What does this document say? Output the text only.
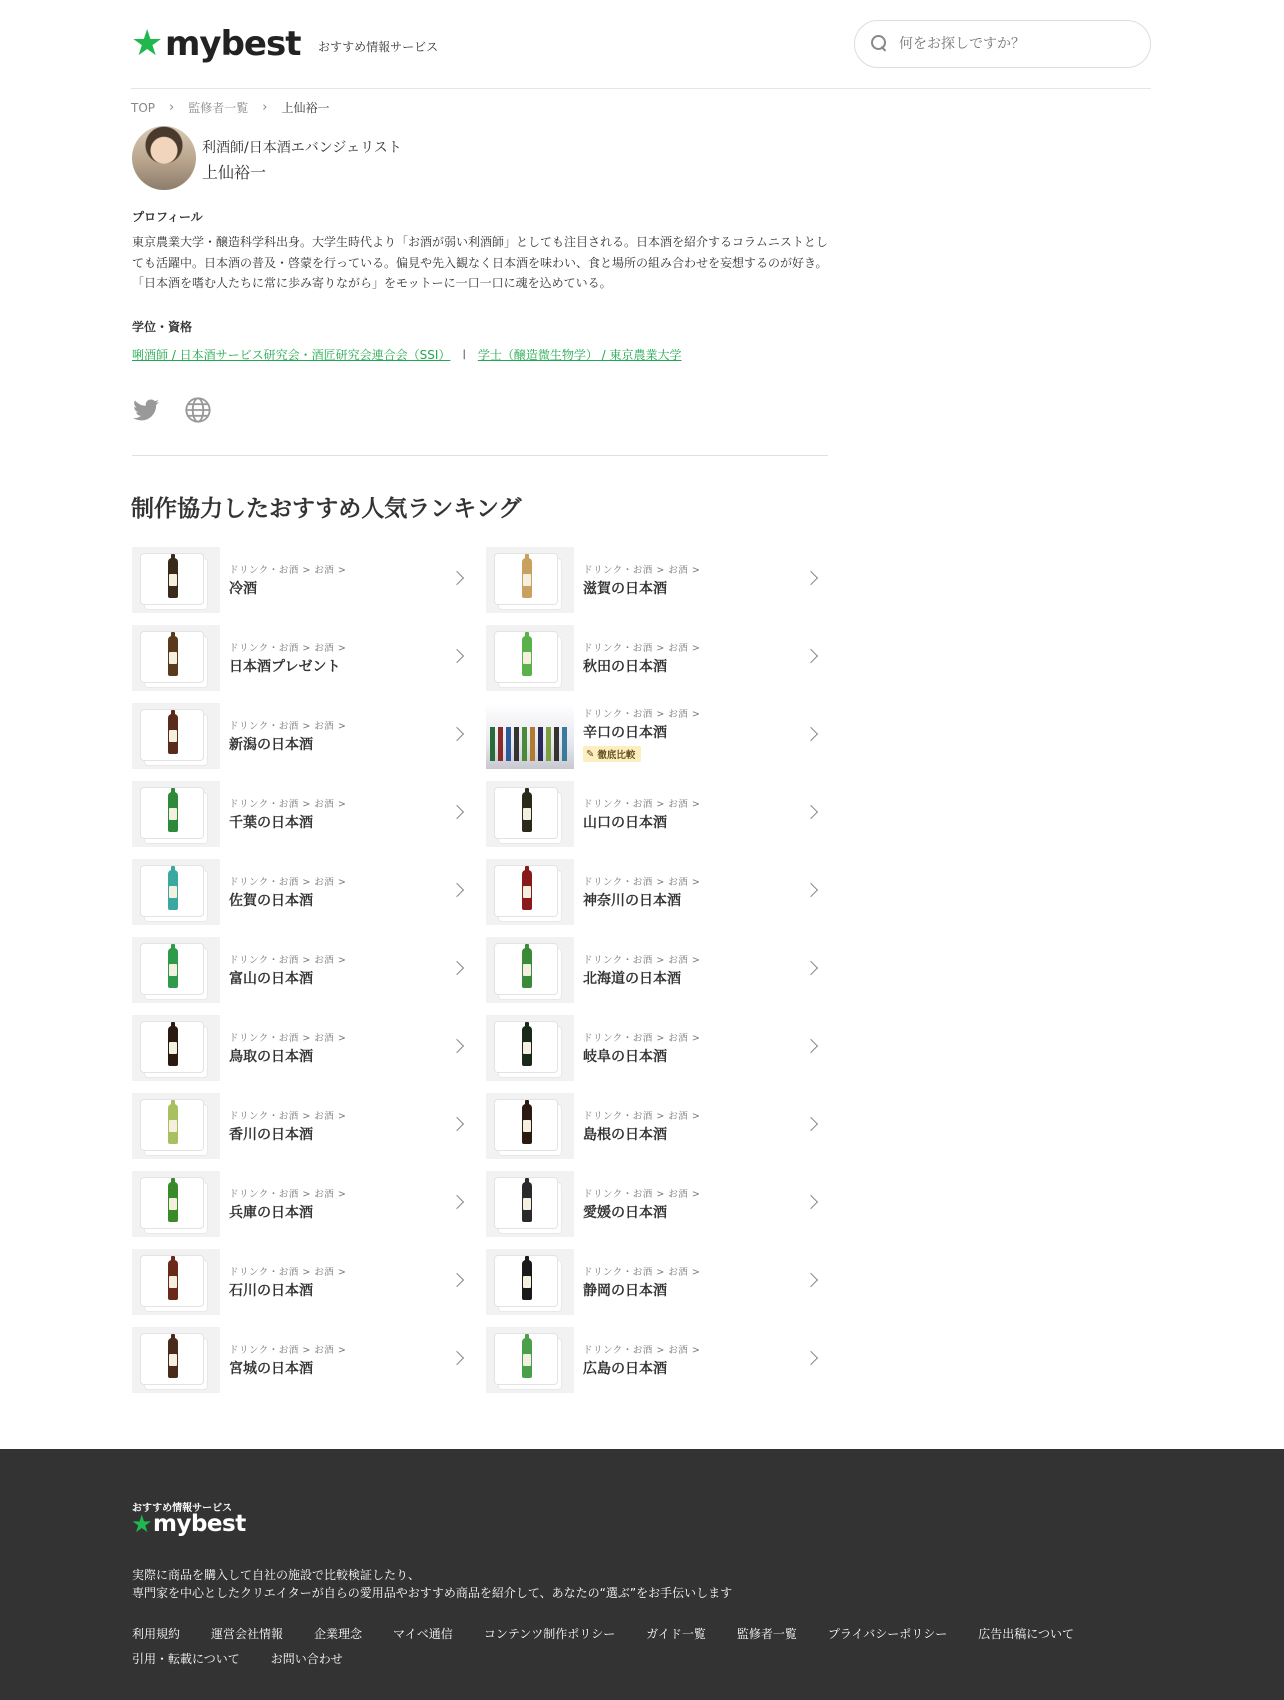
★ mybest おすすめ情報サービス
何をお探しですか？
TOP › 監修者一覧 › 上仙裕一
利酒師/日本酒エバンジェリスト
上仙裕一
プロフィール
東京農業大学・醸造科学科出身。大学生時代より「お酒が弱い利酒師」としても注目される。日本酒を紹介するコラムニストとしても活躍中。日本酒の普及・啓蒙を行っている。偏見や先入観なく日本酒を味わい、食と場所の組み合わせを妄想するのが好き。「日本酒を嗜む人たちに常に歩み寄りながら」をモットーに一口一口に魂を込めている。
学位・資格
唎酒師 / 日本酒サービス研究会・酒匠研究会連合会（SSI） | 学士（醸造微生物学） / 東京農業大学
制作協力したおすすめ人気ランキング
ドリンク・お酒 > お酒 >
冷酒
ドリンク・お酒 > お酒 >
滋賀の日本酒
ドリンク・お酒 > お酒 >
日本酒プレゼント
ドリンク・お酒 > お酒 >
秋田の日本酒
ドリンク・お酒 > お酒 >
新潟の日本酒
ドリンク・お酒 > お酒 >
辛口の日本酒
✎ 徹底比較
ドリンク・お酒 > お酒 >
千葉の日本酒
ドリンク・お酒 > お酒 >
山口の日本酒
ドリンク・お酒 > お酒 >
佐賀の日本酒
ドリンク・お酒 > お酒 >
神奈川の日本酒
ドリンク・お酒 > お酒 >
富山の日本酒
ドリンク・お酒 > お酒 >
北海道の日本酒
ドリンク・お酒 > お酒 >
鳥取の日本酒
ドリンク・お酒 > お酒 >
岐阜の日本酒
ドリンク・お酒 > お酒 >
香川の日本酒
ドリンク・お酒 > お酒 >
島根の日本酒
ドリンク・お酒 > お酒 >
兵庫の日本酒
ドリンク・お酒 > お酒 >
愛媛の日本酒
ドリンク・お酒 > お酒 >
石川の日本酒
ドリンク・お酒 > お酒 >
静岡の日本酒
ドリンク・お酒 > お酒 >
宮城の日本酒
ドリンク・お酒 > お酒 >
広島の日本酒
おすすめ情報サービス
★ mybest
実際に商品を購入して自社の施設で比較検証したり、
専門家を中心としたクリエイターが自らの愛用品やおすすめ商品を紹介して、あなたの“選ぶ”をお手伝いします
利用規約	運営会社情報	企業理念	マイベ通信	コンテンツ制作ポリシー	ガイド一覧	監修者一覧	プライバシーポリシー	広告出稿について
引用・転載について	お問い合わせ
